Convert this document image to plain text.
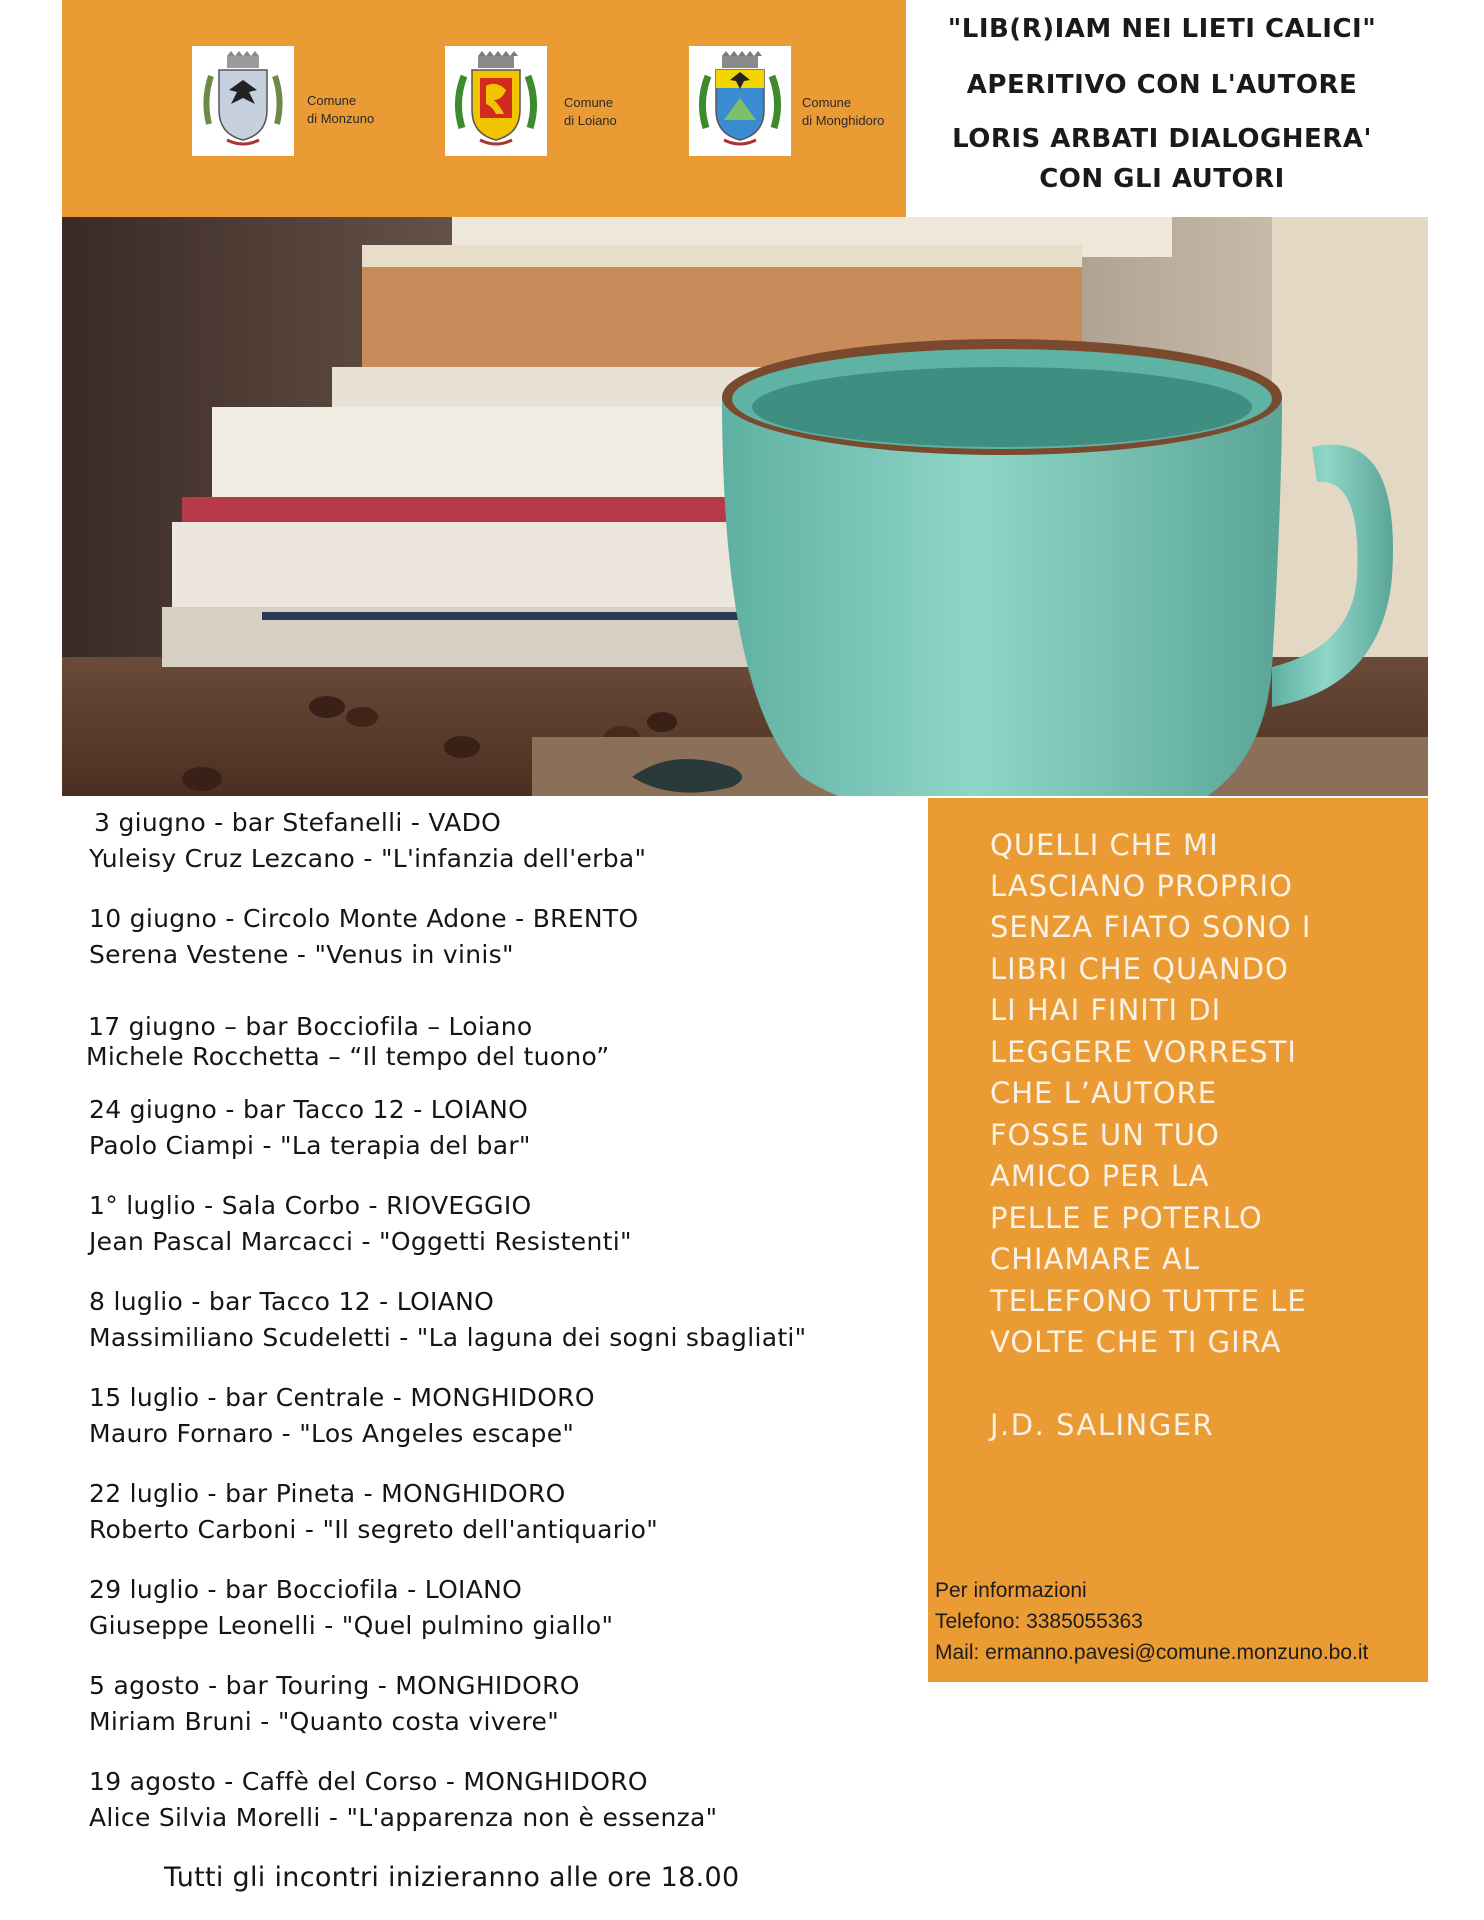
Comune
di Monzuno
Comune
di Loiano
Comune
di Monghidoro
"LIB(R)IAM NEI LIETI CALICI"
APERITIVO CON L'AUTORE
LORIS ARBATI DIALOGHERA'
CON GLI AUTORI
3 giugno - bar Stefanelli - VADO
Yuleisy Cruz Lezcano - "L'infanzia dell'erba"
10 giugno - Circolo Monte Adone - BRENTO
Serena Vestene - "Venus in vinis"
17 giugno – bar Bocciofila – Loiano
Michele Rocchetta – “Il tempo del tuono”
24 giugno - bar Tacco 12 - LOIANO
Paolo Ciampi - "La terapia del bar"
1° luglio - Sala Corbo - RIOVEGGIO
Jean Pascal Marcacci - "Oggetti Resistenti"
8 luglio - bar Tacco 12 - LOIANO
Massimiliano Scudeletti - "La laguna dei sogni sbagliati"
15 luglio - bar Centrale - MONGHIDORO
Mauro Fornaro - "Los Angeles escape"
22 luglio - bar Pineta - MONGHIDORO
Roberto Carboni - "Il segreto dell'antiquario"
29 luglio - bar Bocciofila - LOIANO
Giuseppe Leonelli - "Quel pulmino giallo"
5 agosto - bar Touring - MONGHIDORO
Miriam Bruni - "Quanto costa vivere"
19 agosto - Caffè del Corso - MONGHIDORO
Alice Silvia Morelli - "L'apparenza non è essenza"
Tutti gli incontri inizieranno alle ore 18.00
QUELLI CHE MI
LASCIANO PROPRIO
SENZA FIATO SONO I
LIBRI CHE QUANDO
LI HAI FINITI DI
LEGGERE VORRESTI
CHE L’AUTORE
FOSSE UN TUO
AMICO PER LA
PELLE E POTERLO
CHIAMARE AL
TELEFONO TUTTE LE
VOLTE CHE TI GIRA
J.D. SALINGER
Per informazioni
Telefono: 3385055363
Mail: ermanno.pavesi@comune.monzuno.bo.it
